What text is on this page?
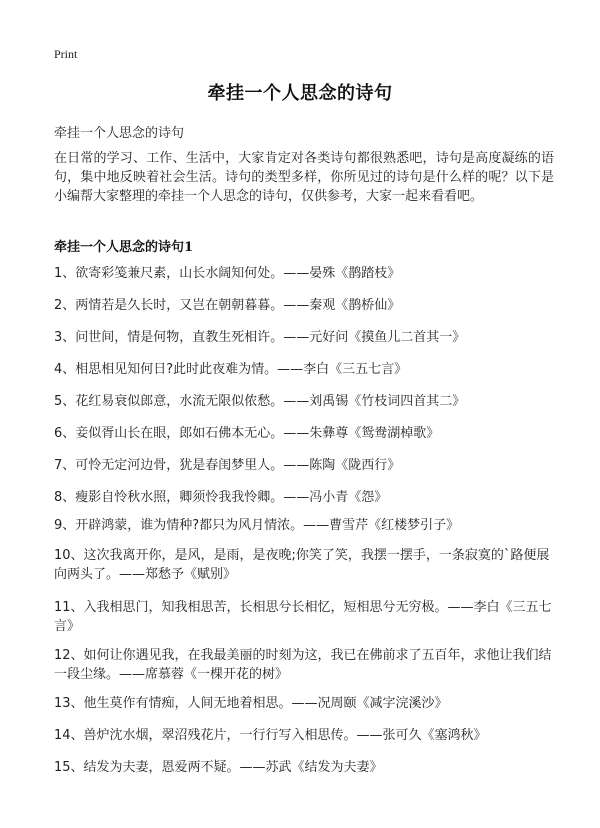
Print
牵挂一个人思念的诗句
牵挂一个人思念的诗句
在日常的学习、工作、生活中，大家肯定对各类诗句都很熟悉吧，诗句是高度凝练的语句，集中地反映着社会生活。诗句的类型多样，你所见过的诗句是什么样的呢？以下是小编帮大家整理的牵挂一个人思念的诗句，仅供参考，大家一起来看看吧。
牵挂一个人思念的诗句1
1、欲寄彩笺兼尺素，山长水阔知何处。——晏殊《鹊踏枝》
2、两情若是久长时，又岂在朝朝暮暮。——秦观《鹊桥仙》
3、问世间，情是何物，直教生死相许。——元好问《摸鱼儿二首其一》
4、相思相见知何日?此时此夜难为情。——李白《三五七言》
5、花红易衰似郎意，水流无限似侬愁。——刘禹锡《竹枝词四首其二》
6、妾似胥山长在眼，郎如石佛本无心。——朱彝尊《鸳鸯湖棹歌》
7、可怜无定河边骨，犹是春闺梦里人。——陈陶《陇西行》
8、瘦影自怜秋水照，卿须怜我我怜卿。——冯小青《怨》
9、开辟鸿蒙，谁为情种?都只为风月情浓。——曹雪芹《红楼梦引子》
10、这次我离开你，是风，是雨，是夜晚;你笑了笑，我摆一摆手，一条寂寞的`路便展向两头了。——郑愁予《赋别》
11、入我相思门，知我相思苦，长相思兮长相忆，短相思兮无穷极。——李白《三五七言》
12、如何让你遇见我，在我最美丽的时刻为这，我已在佛前求了五百年，求他让我们结一段尘缘。——席慕蓉《一棵开花的树》
13、他生莫作有情痴，人间无地着相思。——况周颐《减字浣溪沙》
14、兽炉沈水烟，翠沼残花片，一行行写入相思传。——张可久《塞鸿秋》
15、结发为夫妻，恩爱两不疑。——苏武《结发为夫妻》
